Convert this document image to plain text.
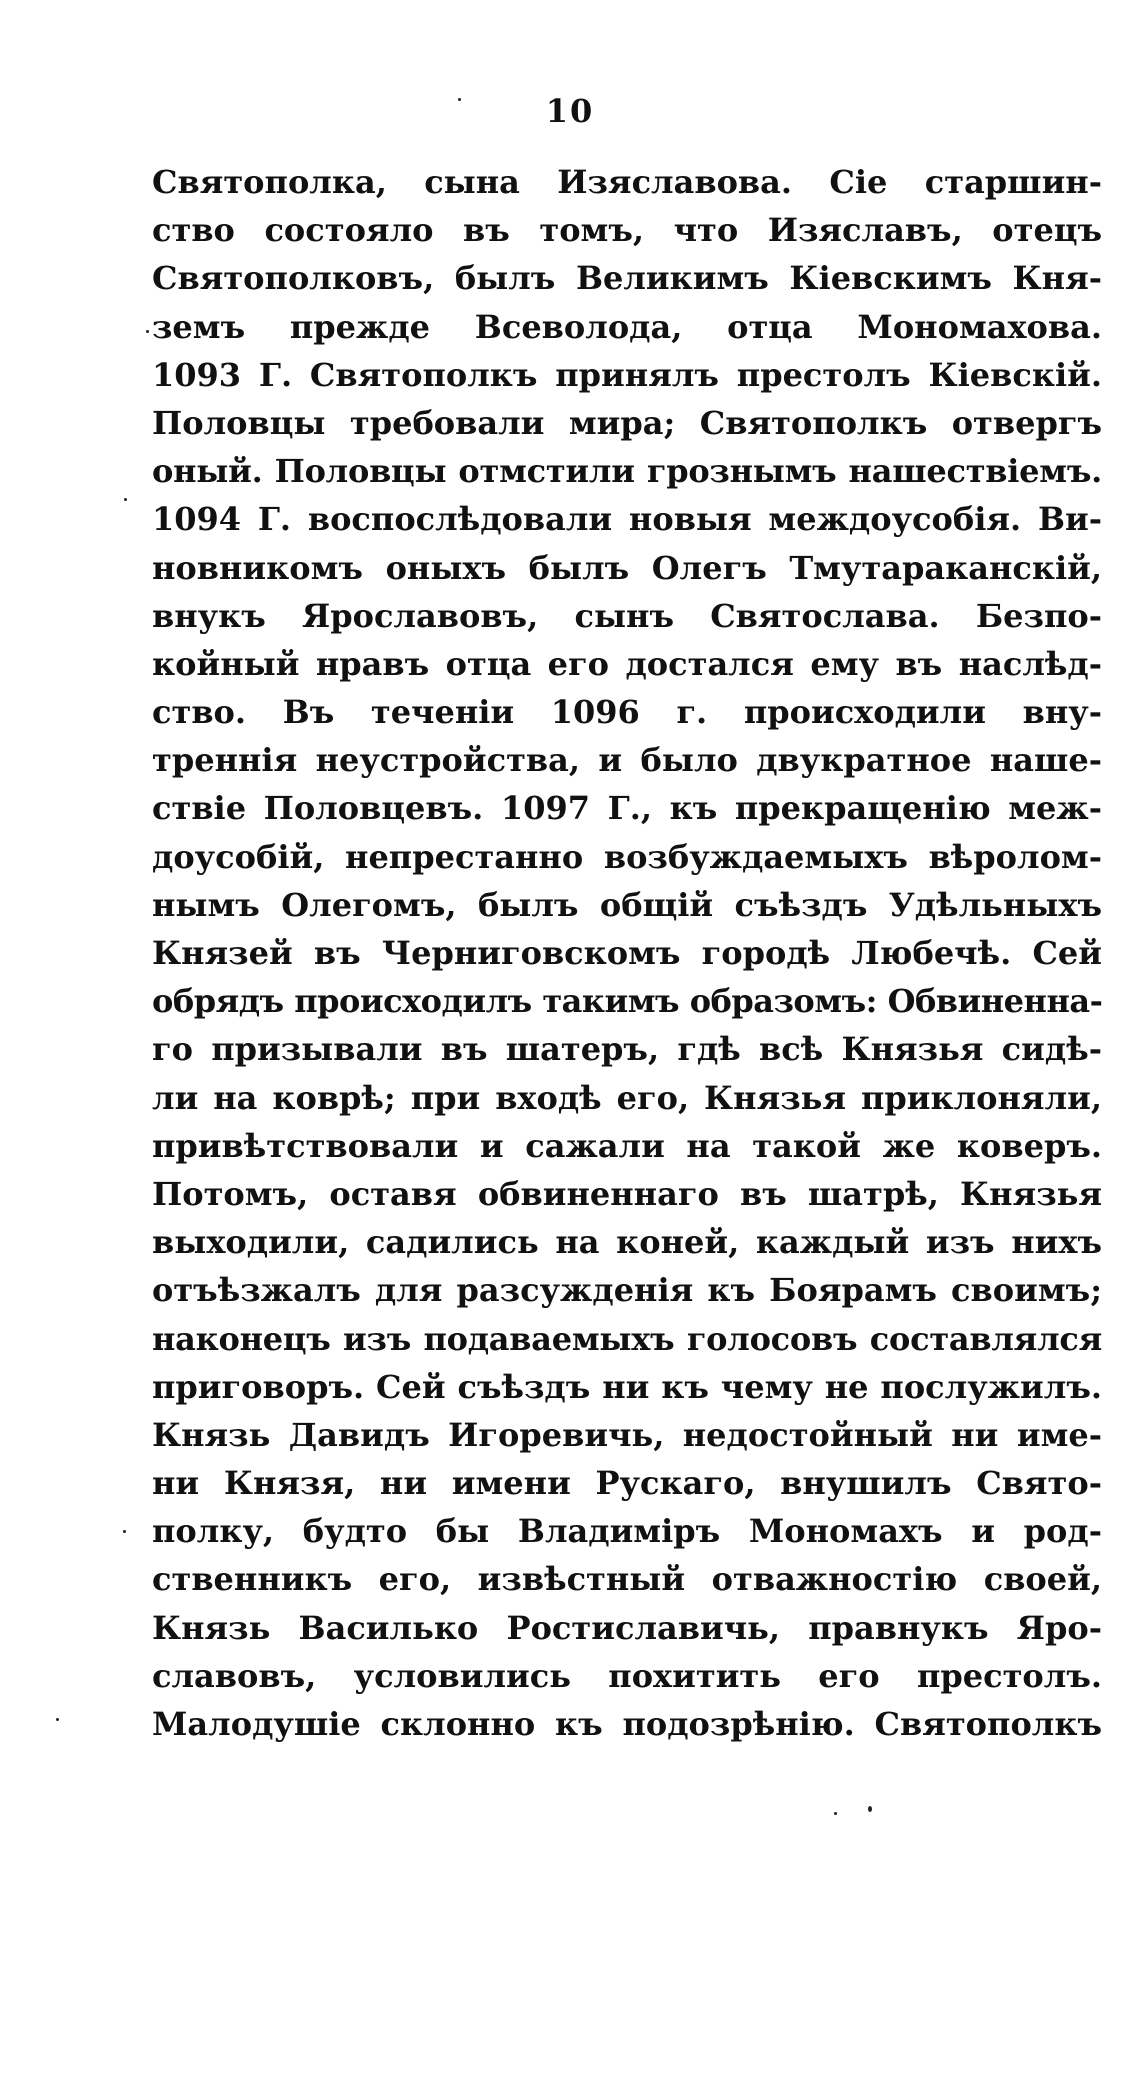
10
Святополка, сына Изяславова. Сіе старшин-
ство состояло въ томъ, что Изяславъ, отецъ
Святополковъ, былъ Великимъ Кіевскимъ Кня-
земъ прежде Всеволода, отца Мономахова.
1093 Г. Святополкъ принялъ престолъ Кіевскій.
Половцы требовали мира; Святополкъ отвергъ
оный. Половцы отмстили грознымъ нашествіемъ.
1094 Г. воспослѣдовали новыя междоусобія. Ви-
новникомъ оныхъ былъ Олегъ Тмутараканскій,
внукъ Ярославовъ, сынъ Святослава. Безпо-
койный нравъ отца его достался ему въ наслѣд-
ство. Въ теченіи 1096 г. происходили вну-
треннія неустройства, и было двукратное наше-
ствіе Половцевъ. 1097 Г., къ прекращенію меж-
доусобій, непрестанно возбуждаемыхъ вѣролом-
нымъ Олегомъ, былъ общій съѣздъ Удѣльныхъ
Князей въ Черниговскомъ городѣ Любечѣ. Сей
обрядъ происходилъ такимъ образомъ: Обвиненна-
го призывали въ шатеръ, гдѣ всѣ Князья сидѣ-
ли на коврѣ; при входѣ его, Князья приклоняли,
привѣтствовали и сажали на такой же коверъ.
Потомъ, оставя обвиненнаго въ шатрѣ, Князья
выходили, садились на коней, каждый изъ нихъ
отъѣзжалъ для разсужденія къ Боярамъ своимъ;
наконецъ изъ подаваемыхъ голосовъ составлялся
приговоръ. Сей съѣздъ ни къ чему не послужилъ.
Князь Давидъ Игоревичь, недостойный ни име-
ни Князя, ни имени Рускаго, внушилъ Свято-
полку, будто бы Владиміръ Мономахъ и род-
ственникъ его, извѣстный отважностію своей,
Князь Василько Ростиславичь, правнукъ Яро-
славовъ, условились похитить его престолъ.
Малодушіе склонно къ подозрѣнію. Святополкъ
